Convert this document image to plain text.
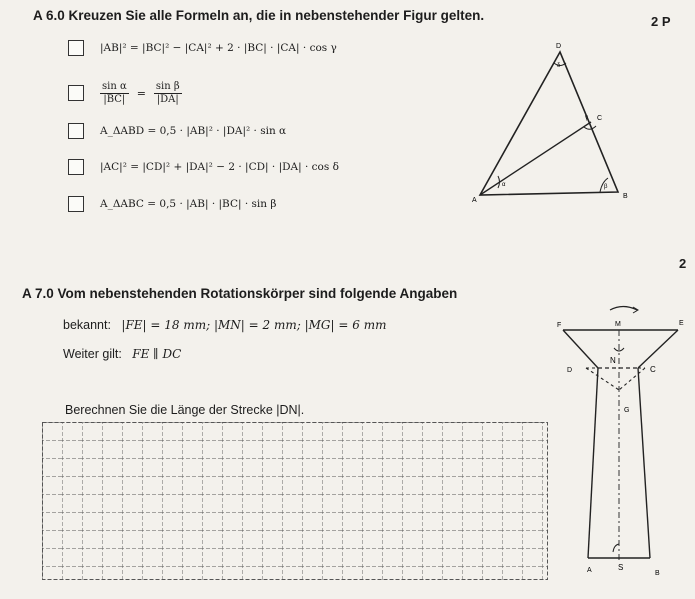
A 6.0 Kreuzen Sie alle Formeln an, die in nebenstehender Figur gelten.	2 P
|AB|² = |BC|² − |CA|² + 2 · |BC| · |CA| · cos γ
$\frac{\text{sin α}}{|BC|} = \frac{\text{sin β}}{|DA|}$
A_ΔABD = 0,5 · |AB|² · |DA|² · sin α
|AC|² = |CD|² + |DA|² − 2 · |CD| · |DA| · cos δ
A_ΔABC = 0,5 · |AB| · |BC| · sin β
D
δ
C
γ
A
α
B
β
A 7.0 Vom nebenstehenden Rotationskörper sind folgende Angaben
2
bekannt: |FE| = 18 mm; |MN| = 2 mm; |MG| = 6 mm
Weiter gilt: FE ∥ DC
Berechnen Sie die Länge der Strecke |DN|.
F	M	E
D
N
C
G
A	S
B
